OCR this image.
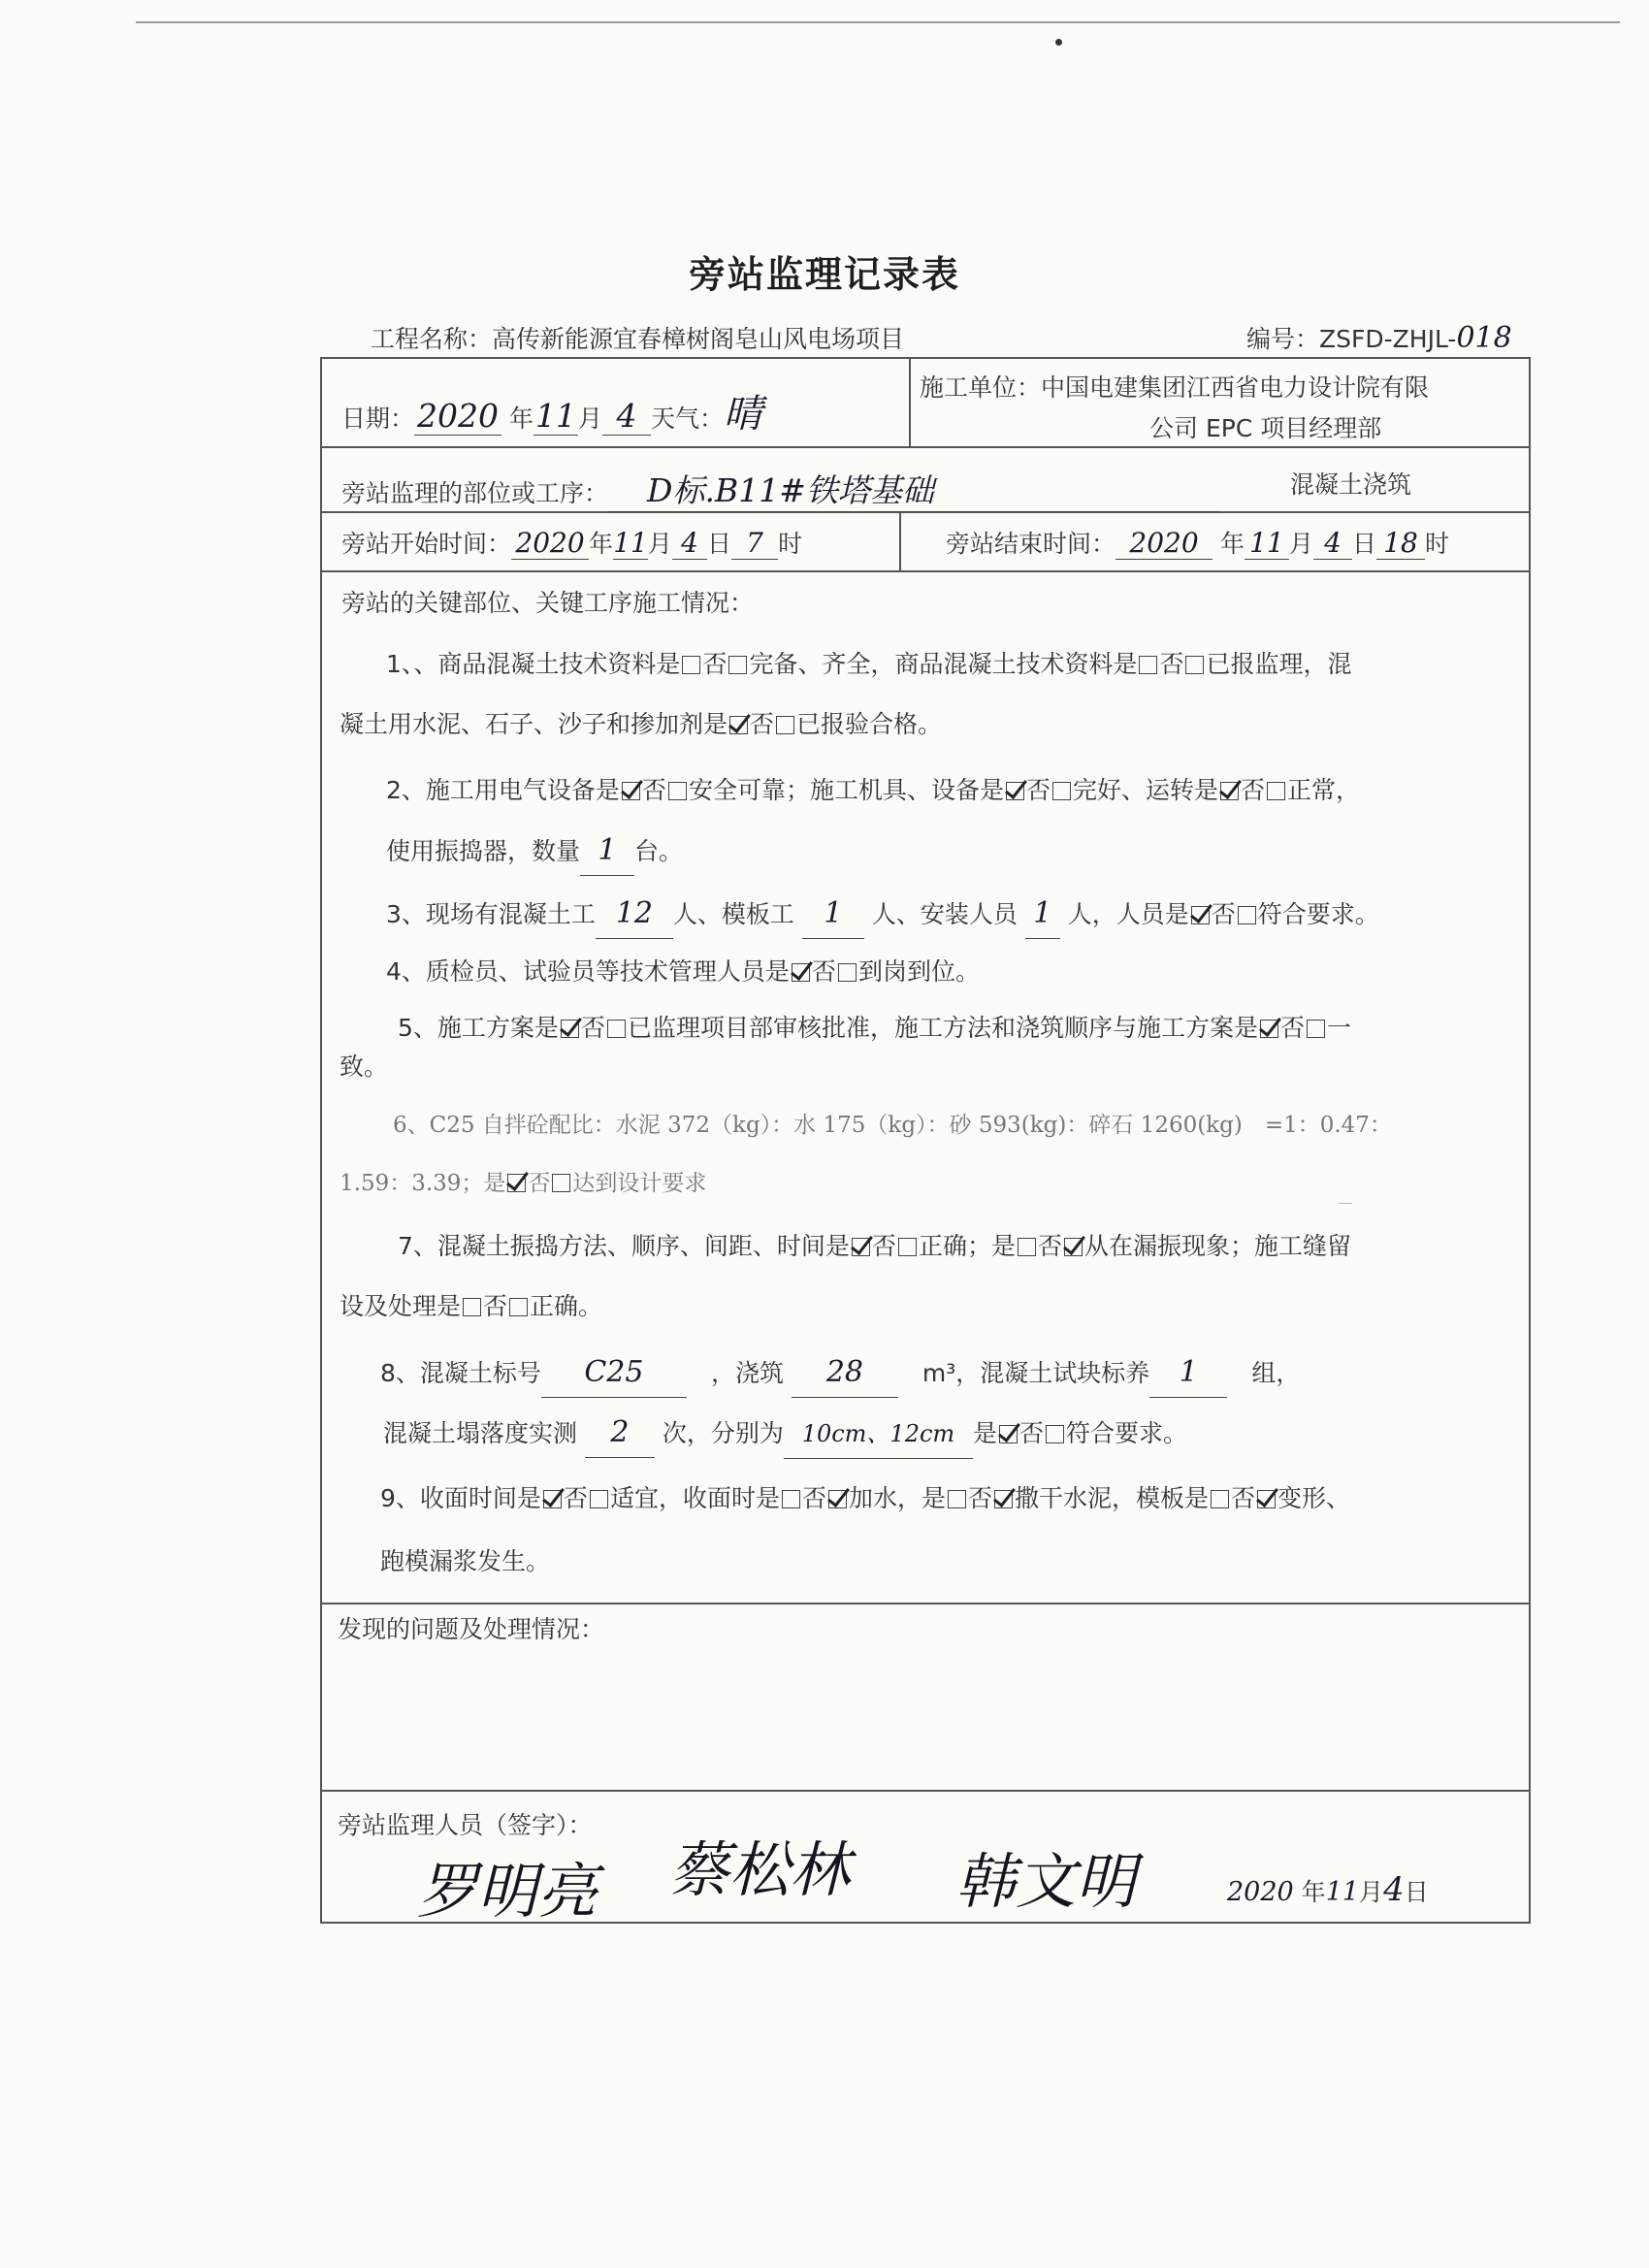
旁站监理记录表
工程名称：高传新能源宜春樟树阁皂山风电场项目	编号：ZSFD-ZHJL-018
日期：2020 年11月 4 天气：晴
施工单位：中国电建集团江西省电力设计院有限
公司 EPC 项目经理部
旁站监理的部位或工序： D标.B11#铁塔基础	混凝土浇筑
旁站开始时间： 2020 年11月 4 日 7 时	旁站结束时间： 2020 年 11 月 4 日 18 时
旁站的关键部位、关键工序施工情况：
1、、商品混凝土技术资料是 否 完备、齐全，商品混凝土技术资料是 否 已报监理，混
凝土用水泥、石子、沙子和掺加剂是 否 已报验合格。
2、施工用电气设备是 否 安全可靠；施工机具、设备是 否 完好、运转是 否 正常，
使用振捣器，数量 1 台。
3、现场有混凝土工 12 人、模板工 1 人、安装人员 1 人，人员是 否 符合要求。
4、质检员、试验员等技术管理人员是 否 到岗到位。
5、施工方案是 否 已监理项目部审核批准，施工方法和浇筑顺序与施工方案是 否 一
致。
6、C25 自拌砼配比：水泥 372（kg）：水 175（kg）：砂 593(kg)：碎石 1260(kg)　=1：0.47：
1.59：3.39；是 否 达到设计要求
7、混凝土振捣方法、顺序、间距、时间是 否 正确；是 否 从在漏振现象；施工缝留
设及处理是 否 正确。
8、混凝土标号 C25　	，浇筑 28　 m³，混凝土试块标养 1　 组，
混凝土塌落度实测 2 次，分别为 10cm、12cm 是 否 符合要求。
9、收面时间是 否 适宜，收面时是 否 加水，是 否 撒干水泥，模板是 否 变形、
跑模漏浆发生。
发现的问题及处理情况：
旁站监理人员（签字）：
罗明亮 蔡松林 韩文明	2020 年11月4日
